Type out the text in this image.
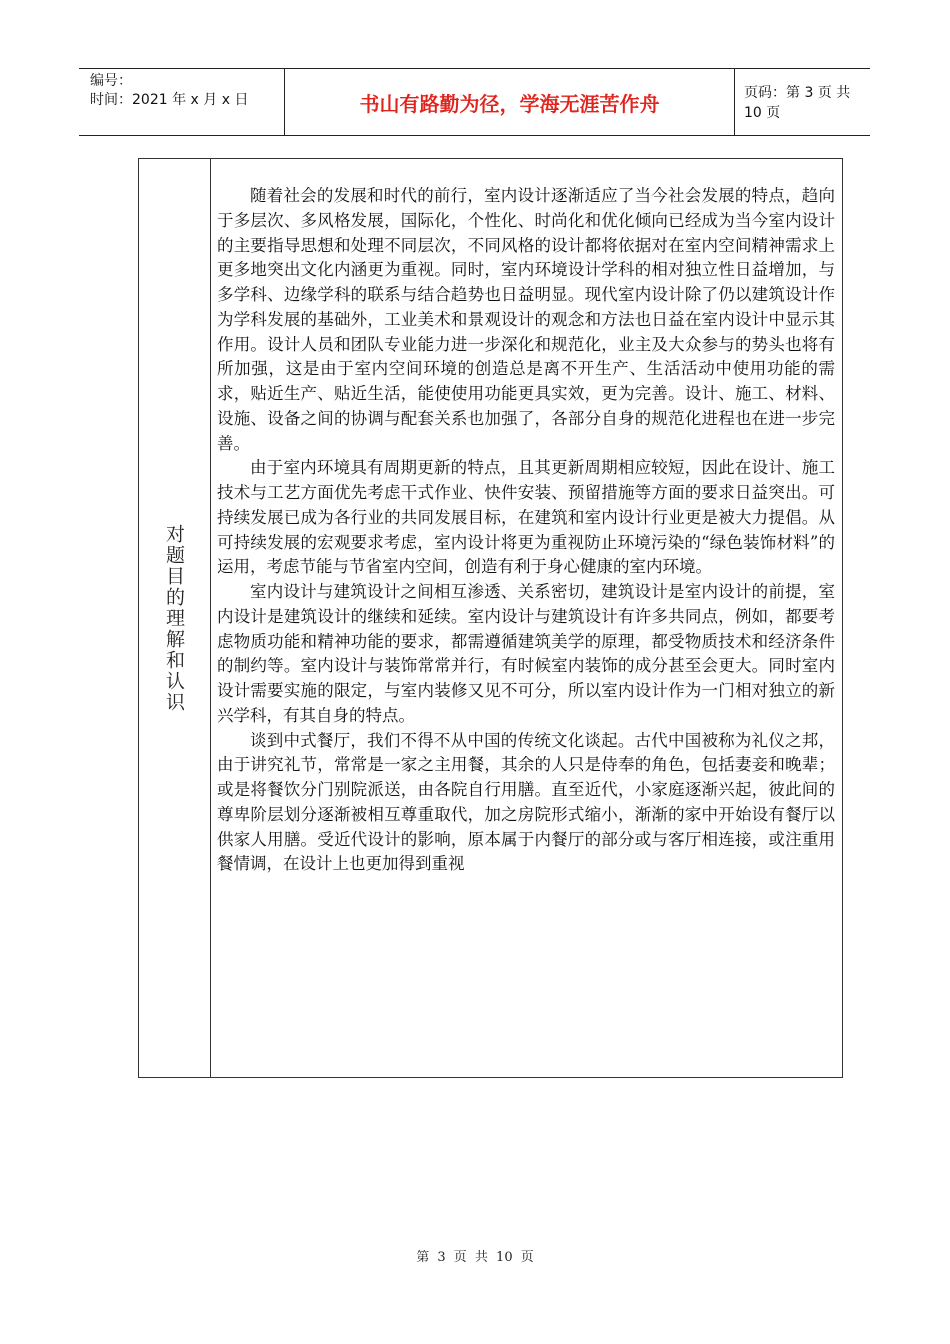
编号：
时间：2021 年 x 月 x 日	书山有路勤为径，学海无涯苦作舟	页码：第 3 页 共 10 页
对题目的理解和认识

随着社会的发展和时代的前行，室内设计逐渐适应了当今社会发展的特点，趋向于多层次、多风格发展，国际化，个性化、时尚化和优化倾向已经成为当今室内设计的主要指导思想和处理不同层次，不同风格的设计都将依据对在室内空间精神需求上更多地突出文化内涵更为重视。同时，室内环境设计学科的相对独立性日益增加，与多学科、边缘学科的联系与结合趋势也日益明显。现代室内设计除了仍以建筑设计作为学科发展的基础外，工业美术和景观设计的观念和方法也日益在室内设计中显示其作用。设计人员和团队专业能力进一步深化和规范化，业主及大众参与的势头也将有所加强，这是由于室内空间环境的创造总是离不开生产、生活活动中使用功能的需求，贴近生产、贴近生活，能使使用功能更具实效，更为完善。设计、施工、材料、设施、设备之间的协调与配套关系也加强了，各部分自身的规范化进程也在进一步完善。

由于室内环境具有周期更新的特点，且其更新周期相应较短，因此在设计、施工技术与工艺方面优先考虑干式作业、快件安装、预留措施等方面的要求日益突出。可持续发展已成为各行业的共同发展目标，在建筑和室内设计行业更是被大力提倡。从可持续发展的宏观要求考虑，室内设计将更为重视防止环境污染的“绿色装饰材料”的运用，考虑节能与节省室内空间，创造有利于身心健康的室内环境。

室内设计与建筑设计之间相互渗透、关系密切，建筑设计是室内设计的前提，室内设计是建筑设计的继续和延续。室内设计与建筑设计有许多共同点，例如，都要考虑物质功能和精神功能的要求，都需遵循建筑美学的原理，都受物质技术和经济条件的制约等。室内设计与装饰常常并行，有时候室内装饰的成分甚至会更大。同时室内设计需要实施的限定，与室内装修又见不可分，所以室内设计作为一门相对独立的新兴学科，有其自身的特点。

谈到中式餐厅，我们不得不从中国的传统文化谈起。古代中国被称为礼仪之邦，由于讲究礼节，常常是一家之主用餐，其余的人只是侍奉的角色，包括妻妾和晚辈；或是将餐饮分门别院派送，由各院自行用膳。直至近代，小家庭逐渐兴起，彼此间的尊卑阶层划分逐渐被相互尊重取代，加之房院形式缩小，渐渐的家中开始设有餐厅以供家人用膳。受近代设计的影响，原本属于内餐厅的部分或与客厅相连接，或注重用餐情调，在设计上也更加得到重视

第 3 页 共 10 页
